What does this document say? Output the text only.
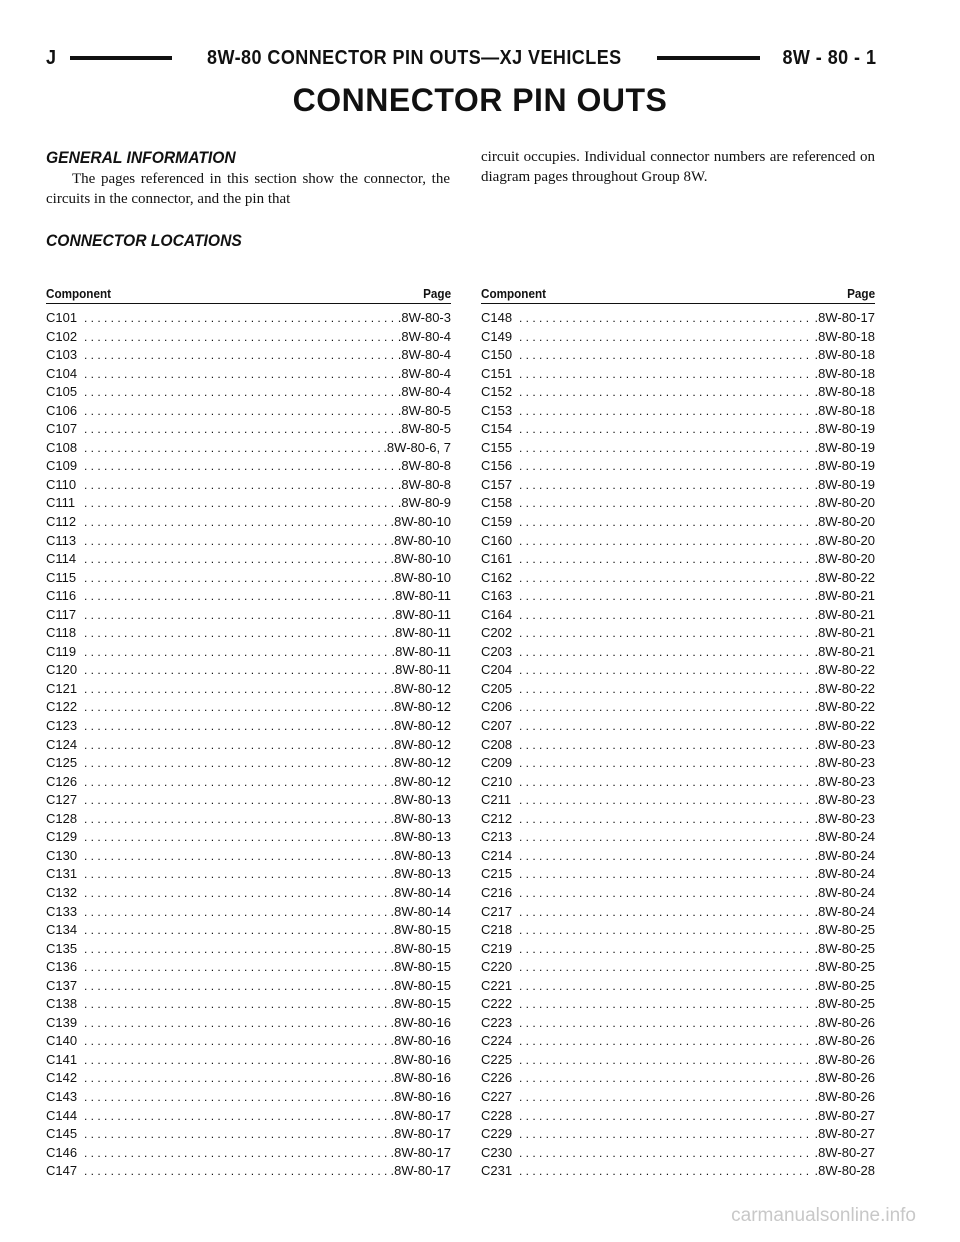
J	8W-80 CONNECTOR PIN OUTS—XJ VEHICLES	8W - 80 - 1
CONNECTOR PIN OUTS
GENERAL INFORMATION
The pages referenced in this section show the connector, the circuits in the connector, and the pin that
circuit occupies. Individual connector numbers are referenced on diagram pages throughout Group 8W.
CONNECTOR LOCATIONS
Component	Page
C101 . . .	.8W-80-3
C102 . . .	.8W-80-4
C103 . . .	.8W-80-4
C104 . . .	.8W-80-4
C105 . . .	.8W-80-4
C106 . . .	.8W-80-5
C107 . . .	.8W-80-5
C108 . . .	.8W-80-6, 7
C109 . . .	.8W-80-8
C110 . . .	.8W-80-8
C111 . . .	.8W-80-9
C112 . . .	.8W-80-10
C113 . . .	.8W-80-10
C114 . . .	.8W-80-10
C115 . . .	.8W-80-10
C116 . . .	.8W-80-11
C117 . . .	.8W-80-11
C118 . . .	.8W-80-11
C119 . . .	.8W-80-11
C120 . . .	.8W-80-11
C121 . . .	.8W-80-12
C122 . . .	.8W-80-12
C123 . . .	.8W-80-12
C124 . . .	.8W-80-12
C125 . . .	.8W-80-12
C126 . . .	.8W-80-12
C127 . . .	.8W-80-13
C128 . . .	.8W-80-13
C129 . . .	.8W-80-13
C130 . . .	.8W-80-13
C131 . . .	.8W-80-13
C132 . . .	.8W-80-14
C133 . . .	.8W-80-14
C134 . . .	.8W-80-15
C135 . . .	.8W-80-15
C136 . . .	.8W-80-15
C137 . . .	.8W-80-15
C138 . . .	.8W-80-15
C139 . . .	.8W-80-16
C140 . . .	.8W-80-16
C141 . . .	.8W-80-16
C142 . . .	.8W-80-16
C143 . . .	.8W-80-16
C144 . . .	.8W-80-17
C145 . . .	.8W-80-17
C146 . . .	.8W-80-17
C147 . . .	.8W-80-17
Component	Page
C148 . . .	.8W-80-17
C149 . . .	.8W-80-18
C150 . . .	.8W-80-18
C151 . . .	.8W-80-18
C152 . . .	.8W-80-18
C153 . . .	.8W-80-18
C154 . . .	.8W-80-19
C155 . . .	.8W-80-19
C156 . . .	.8W-80-19
C157 . . .	.8W-80-19
C158 . . .	.8W-80-20
C159 . . .	.8W-80-20
C160 . . .	.8W-80-20
C161 . . .	.8W-80-20
C162 . . .	.8W-80-22
C163 . . .	.8W-80-21
C164 . . .	.8W-80-21
C202 . . .	.8W-80-21
C203 . . .	.8W-80-21
C204 . . .	.8W-80-22
C205 . . .	.8W-80-22
C206 . . .	.8W-80-22
C207 . . .	.8W-80-22
C208 . . .	.8W-80-23
C209 . . .	.8W-80-23
C210 . . .	.8W-80-23
C211 . . .	.8W-80-23
C212 . . .	.8W-80-23
C213 . . .	.8W-80-24
C214 . . .	.8W-80-24
C215 . . .	.8W-80-24
C216 . . .	.8W-80-24
C217 . . .	.8W-80-24
C218 . . .	.8W-80-25
C219 . . .	.8W-80-25
C220 . . .	.8W-80-25
C221 . . .	.8W-80-25
C222 . . .	.8W-80-25
C223 . . .	.8W-80-26
C224 . . .	.8W-80-26
C225 . . .	.8W-80-26
C226 . . .	.8W-80-26
C227 . . .	.8W-80-26
C228 . . .	.8W-80-27
C229 . . .	.8W-80-27
C230 . . .	.8W-80-27
C231 . . .	.8W-80-28
carmanualsonline.info
